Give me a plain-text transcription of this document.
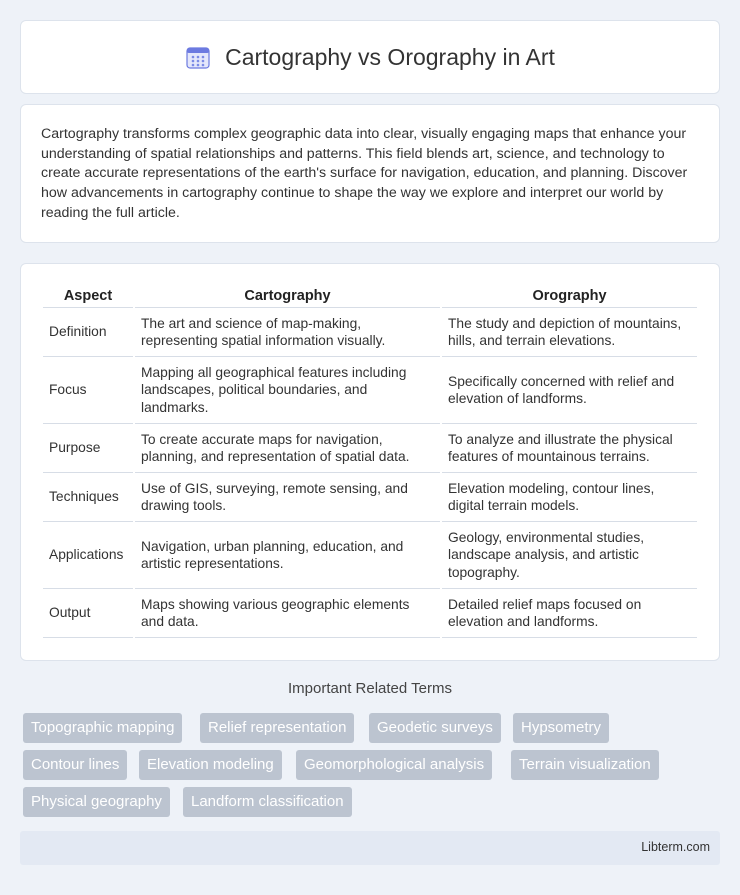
Cartography vs Orography in Art

Cartography transforms complex geographic data into clear, visually engaging maps that enhance your understanding of spatial relationships and patterns. This field blends art, science, and technology to create accurate representations of the earth's surface for navigation, education, and planning. Discover how advancements in cartography continue to shape the way we explore and interpret our world by reading the full article.

Aspect	Cartography	Orography
Definition	The art and science of map-making, representing spatial information visually.	The study and depiction of mountains, hills, and terrain elevations.
Focus	Mapping all geographical features including landscapes, political boundaries, and landmarks.	Specifically concerned with relief and elevation of landforms.
Purpose	To create accurate maps for navigation, planning, and representation of spatial data.	To analyze and illustrate the physical features of mountainous terrains.
Techniques	Use of GIS, surveying, remote sensing, and drawing tools.	Elevation modeling, contour lines, digital terrain models.
Applications	Navigation, urban planning, education, and artistic representations.	Geology, environmental studies, landscape analysis, and artistic topography.
Output	Maps showing various geographic elements and data.	Detailed relief maps focused on elevation and landforms.
Important Related Terms
Topographic mapping	Relief representation	Geodetic surveys	Hypsometry
Contour lines	Elevation modeling	Geomorphological analysis	Terrain visualization
Physical geography	Landform classification
Libterm.com
